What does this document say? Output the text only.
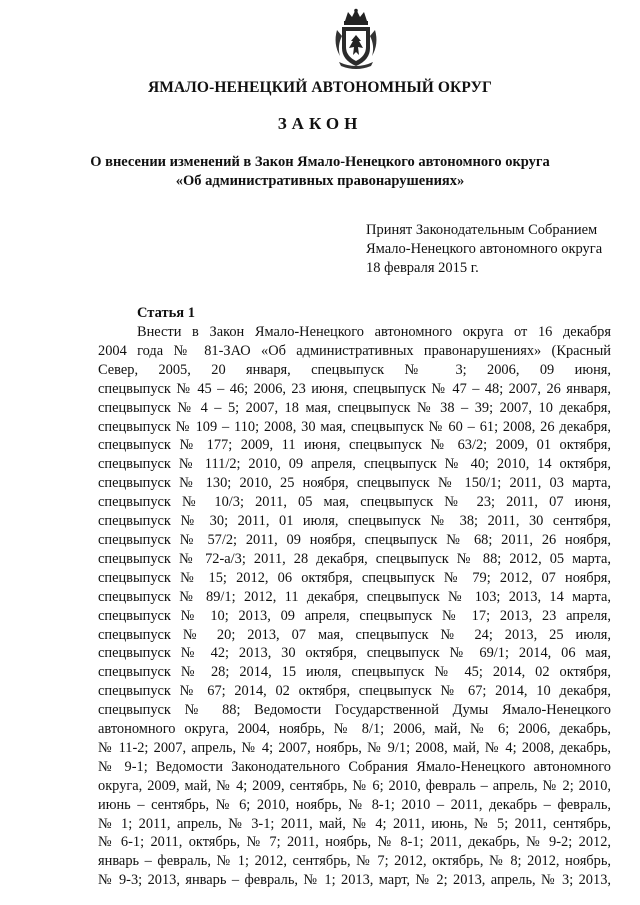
ЯМАЛО-НЕНЕЦКИЙ АВТОНОМНЫЙ ОКРУГ
ЗАКОН
О внесении изменений в Закон Ямало-Ненецкого автономного округа
«Об административных правонарушениях»
Принят Законодательным Собранием
Ямало-Ненецкого автономного округа
18 февраля 2015 г.
Статья 1
Внести в Закон Ямало-Ненецкого автономного округа от 16 декабря
2004 года № 81-ЗАО «Об административных правонарушениях» (Красный
Север, 2005, 20 января, спецвыпуск № 3; 2006, 09 июня,
спецвыпуск № 45 – 46; 2006, 23 июня, спецвыпуск № 47 – 48; 2007, 26 января,
спецвыпуск № 4 – 5; 2007, 18 мая, спецвыпуск № 38 – 39; 2007, 10 декабря,
спецвыпуск № 109 – 110; 2008, 30 мая, спецвыпуск № 60 – 61; 2008, 26 декабря,
спецвыпуск № 177; 2009, 11 июня, спецвыпуск № 63/2; 2009, 01 октября,
спецвыпуск № 111/2; 2010, 09 апреля, спецвыпуск № 40; 2010, 14 октября,
спецвыпуск № 130; 2010, 25 ноября, спецвыпуск № 150/1; 2011, 03 марта,
спецвыпуск № 10/3; 2011, 05 мая, спецвыпуск № 23; 2011, 07 июня,
спецвыпуск № 30; 2011, 01 июля, спецвыпуск № 38; 2011, 30 сентября,
спецвыпуск № 57/2; 2011, 09 ноября, спецвыпуск № 68; 2011, 26 ноября,
спецвыпуск № 72-а/3; 2011, 28 декабря, спецвыпуск № 88; 2012, 05 марта,
спецвыпуск № 15; 2012, 06 октября, спецвыпуск № 79; 2012, 07 ноября,
спецвыпуск № 89/1; 2012, 11 декабря, спецвыпуск № 103; 2013, 14 марта,
спецвыпуск № 10; 2013, 09 апреля, спецвыпуск № 17; 2013, 23 апреля,
спецвыпуск № 20; 2013, 07 мая, спецвыпуск № 24; 2013, 25 июля,
спецвыпуск № 42; 2013, 30 октября, спецвыпуск № 69/1; 2014, 06 мая,
спецвыпуск № 28; 2014, 15 июля, спецвыпуск № 45; 2014, 02 октября,
спецвыпуск № 67; 2014, 02 октября, спецвыпуск № 67; 2014, 10 декабря,
спецвыпуск № 88; Ведомости Государственной Думы Ямало-Ненецкого
автономного округа, 2004, ноябрь, № 8/1; 2006, май, № 6; 2006, декабрь,
№ 11-2; 2007, апрель, № 4; 2007, ноябрь, № 9/1; 2008, май, № 4; 2008, декабрь,
№ 9-1; Ведомости Законодательного Собрания Ямало-Ненецкого автономного
округа, 2009, май, № 4; 2009, сентябрь, № 6; 2010, февраль – апрель, № 2; 2010,
июнь – сентябрь, № 6; 2010, ноябрь, № 8-1; 2010 – 2011, декабрь – февраль,
№ 1; 2011, апрель, № 3-1; 2011, май, № 4; 2011, июнь, № 5; 2011, сентябрь,
№ 6-1; 2011, октябрь, № 7; 2011, ноябрь, № 8-1; 2011, декабрь, № 9-2; 2012,
январь – февраль, № 1; 2012, сентябрь, № 7; 2012, октябрь, № 8; 2012, ноябрь,
№ 9-3; 2013, январь – февраль, № 1; 2013, март, № 2; 2013, апрель, № 3; 2013,
